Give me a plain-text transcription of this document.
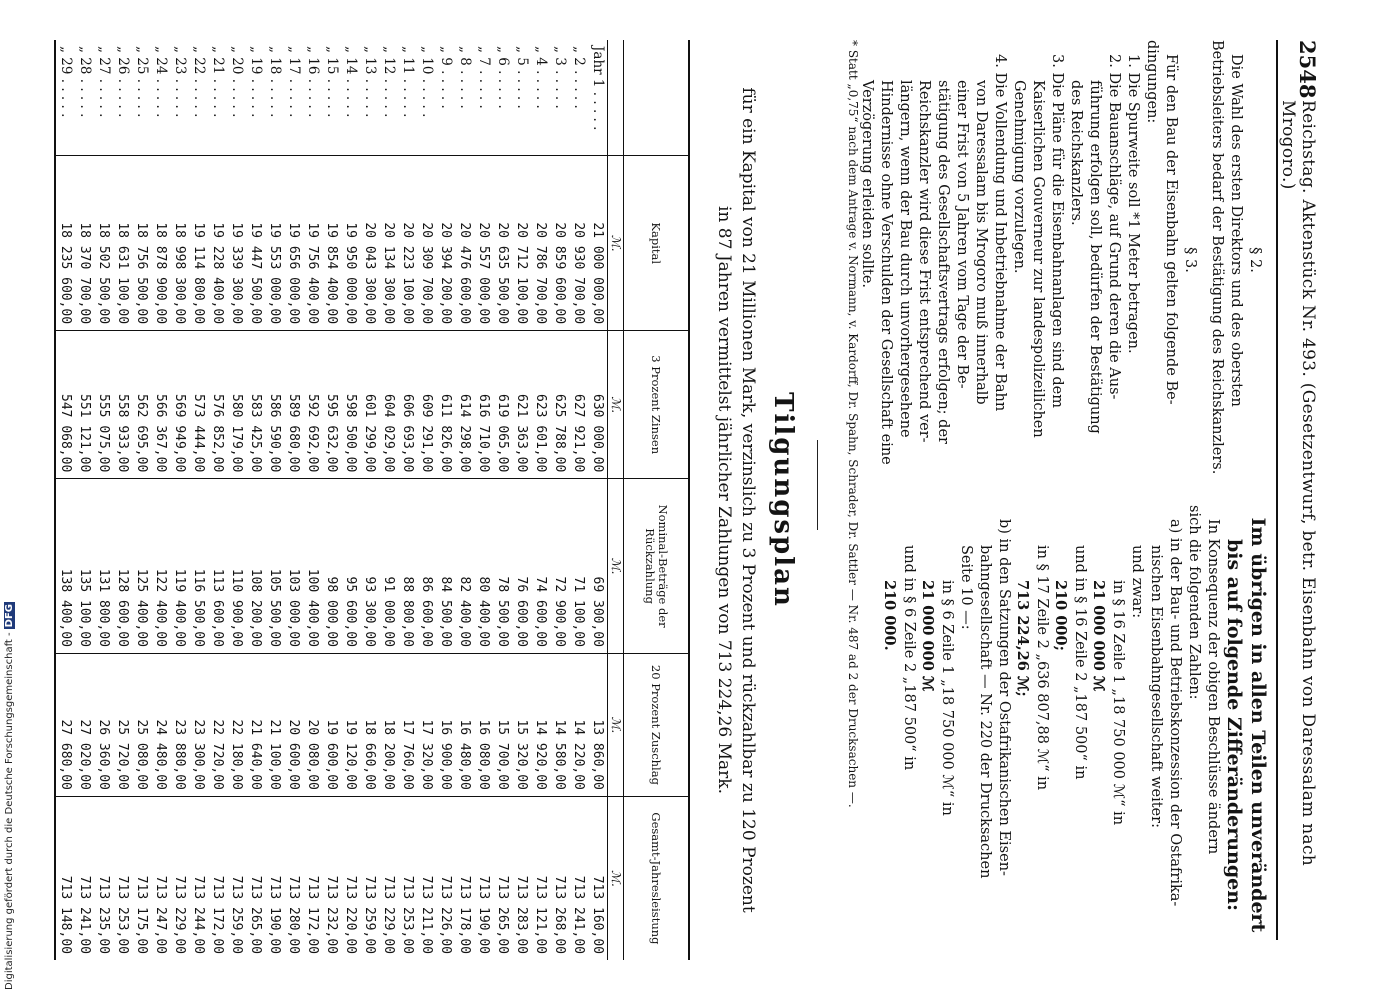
Digitalisierung gefördert durch die Deutsche Forschungsgemeinschaft -DFG
2548
Reichstag. Aktenstück Nr. 493. (Gesetzentwurf, betr. Eisenbahn von Daressalam nach Mrogoro.)

§ 2.

Die Wahl des ersten Direktors und des obersten

Betriebsleiters bedarf der Bestätigung des Reichskanzlers.

§ 3.

Für den Bau der Eisenbahn gelten folgende Be-

dingungen:

1. Die Spurweite soll *1 Meter betragen.

2. Die Bauanschläge, auf Grund deren die Aus-

führung erfolgen soll, bedürfen der Bestätigung

des Reichskanzlers.

3. Die Pläne für die Eisenbahnanlagen sind dem

Kaiserlichen Gouverneur zur landespolizeilichen

Genehmigung vorzulegen.

4. Die Vollendung und Inbetriebnahme der Bahn

von Daressalam bis Mrogoro muß innerhalb

einer Frist von 5 Jahren vom Tage der Be-

stätigung des Gesellschaftsvertrags erfolgen; der

Reichskanzler wird diese Frist entsprechend ver-

längern, wenn der Bau durch unvorhergesehene

Hindernisse ohne Verschulden der Gesellschaft eine

Verzögerung erleiden sollte.

Im übrigen in allen Teilen unverändert

bis auf folgende Zifferänderungen:

In Konsequenz der obigen Beschlüsse ändern

sich die folgenden Zahlen:

a) in der Bau- und Betriebskonzession der Ostafrika-

nischen Eisenbahngesellschaft weiter:

und zwar:

in § 16 Zeile 1 „18 750 000 ℳ“ in

21 000 000 ℳ

und in § 16 Zeile 2 „187 500“ in

210 000;

in § 17 Zeile 2 „636 807,88 ℳ“ in

713 224,26 ℳ;

b) in den Satzungen der Ostafrikanischen Eisen-

bahngesellschaft — Nr. 220 der Drucksachen

Seite 10 —:

in § 6 Zeile 1 „18 750 000 ℳ“ in

21 000 000 ℳ

und in § 6 Zeile 2 „187 500“ in

210 000.

* Statt „0,75“ nach dem Antrage v. Normann, v. Kardorff, Dr. Spahn, Schrader, Dr. Sattler — Nr. 487 ad 2 der Drucksachen —.
Tilgungsplan
für ein Kapital von 21 Millionen Mark, verzinslich zu 3 Prozent und rückzahlbar zu 120 Prozent
in 87 Jahren vermittelst jährlicher Zahlungen von 713 224,26 Mark.
	Kapital	3 Prozent Zinsen	Nominal-Beträge der Rückzahlung	20 Prozent Zuschlag	Gesamt-Jahresleistung
	ℳ.	ℳ.	ℳ.	ℳ.	ℳ.
Jahr 1 . . . . .	21 000 000,00	630 000,00	69 300,00	13 860,00	713 160,00
„ 2 . . . . .	20 930 700,00	627 921,00	71 100,00	14 220,00	713 241,00
„ 3 . . . . .	20 859 600,00	625 788,00	72 900,00	14 580,00	713 268,00
„ 4 . . . . .	20 786 700,00	623 601,00	74 600,00	14 920,00	713 121,00
„ 5 . . . . .	20 712 100,00	621 363,00	76 600,00	15 320,00	713 283,00
„ 6 . . . . .	20 635 500,00	619 065,00	78 500,00	15 700,00	713 265,00
„ 7 . . . . .	20 557 000,00	616 710,00	80 400,00	16 080,00	713 190,00
„ 8 . . . . .	20 476 600,00	614 298,00	82 400,00	16 480,00	713 178,00
„ 9 . . . . .	20 394 200,00	611 826,00	84 500,00	16 900,00	713 226,00
„ 10 . . . . .	20 309 700,00	609 291,00	86 600,00	17 320,00	713 211,00
„ 11 . . . . .	20 223 100,00	606 693,00	88 800,00	17 760,00	713 253,00
„ 12 . . . . .	20 134 300,00	604 029,00	91 000,00	18 200,00	713 229,00
„ 13 . . . . .	20 043 300,00	601 299,00	93 300,00	18 660,00	713 259,00
„ 14 . . . . .	19 950 000,00	598 500,00	95 600,00	19 120,00	713 220,00
„ 15 . . . . .	19 854 400,00	595 632,00	98 000,00	19 600,00	713 232,00
„ 16 . . . . .	19 756 400,00	592 692,00	100 400,00	20 080,00	713 172,00
„ 17 . . . . .	19 656 000,00	589 680,00	103 000,00	20 600,00	713 280,00
„ 18 . . . . .	19 553 000,00	586 590,00	105 500,00	21 100,00	713 190,00
„ 19 . . . . .	19 447 500,00	583 425,00	108 200,00	21 640,00	713 265,00
„ 20 . . . . .	19 339 300,00	580 179,00	110 900,00	22 180,00	713 259,00
„ 21 . . . . .	19 228 400,00	576 852,00	113 600,00	22 720,00	713 172,00
„ 22 . . . . .	19 114 800,00	573 444,00	116 500,00	23 300,00	713 244,00
„ 23 . . . . .	18 998 300,00	569 949,00	119 400,00	23 880,00	713 229,00
„ 24 . . . . .	18 878 900,00	566 367,00	122 400,00	24 480,00	713 247,00
„ 25 . . . . .	18 756 500,00	562 695,00	125 400,00	25 080,00	713 175,00
„ 26 . . . . .	18 631 100,00	558 933,00	128 600,00	25 720,00	713 253,00
„ 27 . . . . .	18 502 500,00	555 075,00	131 800,00	26 360,00	713 235,00
„ 28 . . . . .	18 370 700,00	551 121,00	135 100,00	27 020,00	713 241,00
„ 29 . . . . .	18 235 600,00	547 068,00	138 400,00	27 680,00	713 148,00
